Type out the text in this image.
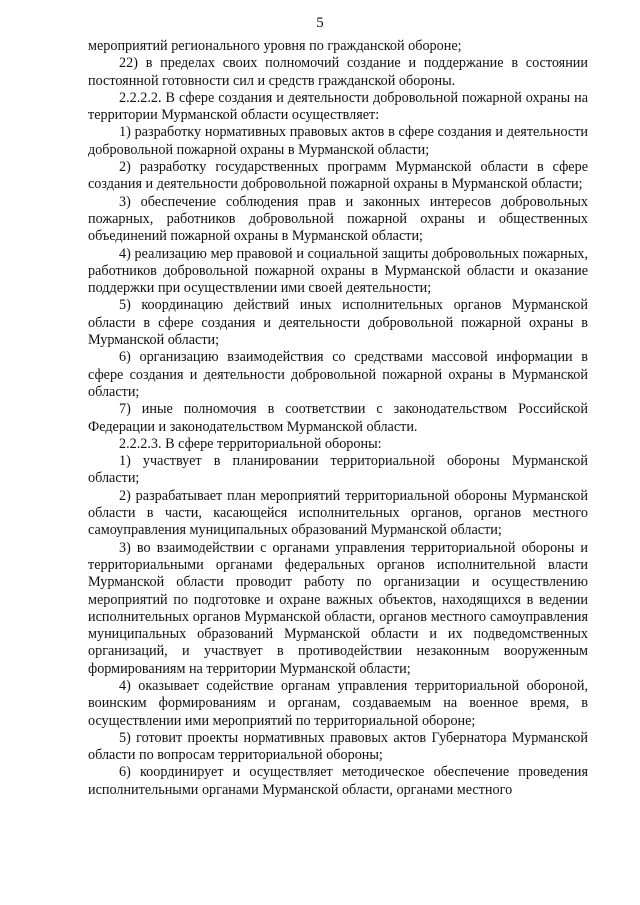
5

мероприятий регионального уровня по гражданской обороне;

22) в пределах своих полномочий создание и поддержание в состоянии постоянной готовности сил и средств гражданской обороны.

2.2.2.2. В сфере создания и деятельности добровольной пожарной охраны на территории Мурманской области осуществляет:

1) разработку нормативных правовых актов в сфере создания и деятельности добровольной пожарной охраны в Мурманской области;

2) разработку государственных программ Мурманской области в сфере создания и деятельности добровольной пожарной охраны в Мурманской области;

3) обеспечение соблюдения прав и законных интересов добровольных пожарных, работников добровольной пожарной охраны и общественных объединений пожарной охраны в Мурманской области;

4) реализацию мер правовой и социальной защиты добровольных пожарных, работников добровольной пожарной охраны в Мурманской области и оказание поддержки при осуществлении ими своей деятельности;

5) координацию действий иных исполнительных органов Мурманской области в сфере создания и деятельности добровольной пожарной охраны в Мурманской области;

6) организацию взаимодействия со средствами массовой информации в сфере создания и деятельности добровольной пожарной охраны в Мурманской области;

7) иные полномочия в соответствии с законодательством Российской Федерации и законодательством Мурманской области.

2.2.2.3. В сфере территориальной обороны:

1) участвует в планировании территориальной обороны Мурманской области;

2) разрабатывает план мероприятий территориальной обороны Мурманской области в части, касающейся исполнительных органов, органов местного самоуправления муниципальных образований Мурманской области;

3) во взаимодействии с органами управления территориальной обороны и территориальными органами федеральных органов исполнительной власти Мурманской области проводит работу по организации и осуществлению мероприятий по подготовке и охране важных объектов, находящихся в ведении исполнительных органов Мурманской области, органов местного самоуправления муниципальных образований Мурманской области и их подведомственных организаций, и участвует в противодействии незаконным вооруженным формированиям на территории Мурманской области;

4) оказывает содействие органам управления территориальной обороной, воинским формированиям и органам, создаваемым на военное время, в осуществлении ими мероприятий по территориальной обороне;

5) готовит проекты нормативных правовых актов Губернатора Мурманской области по вопросам территориальной обороны;

6) координирует и осуществляет методическое обеспечение проведения исполнительными органами Мурманской области, органами местного
